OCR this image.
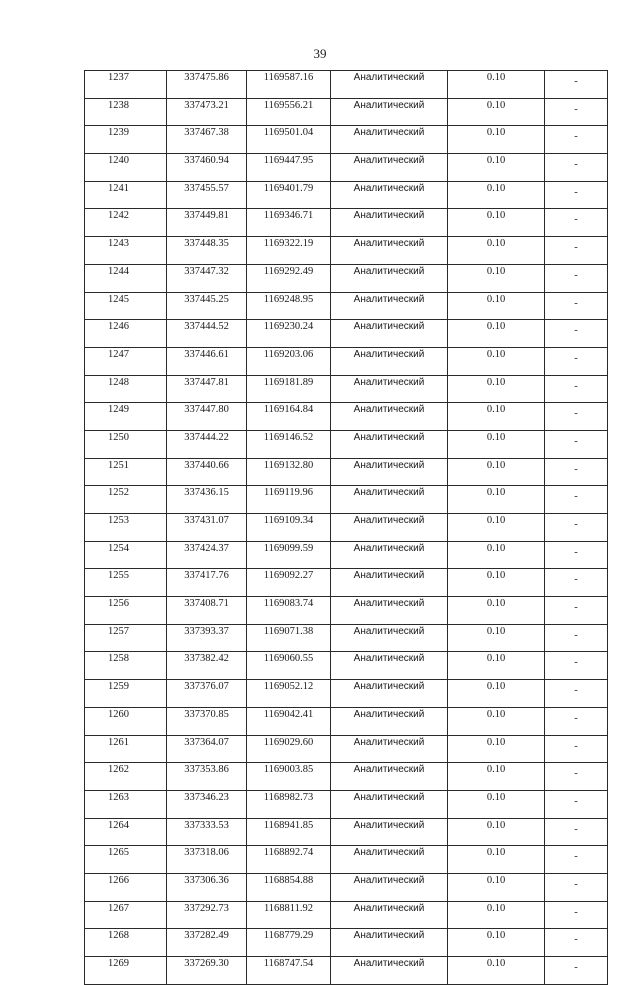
39
1237	337475.86	1169587.16	Аналитический	0.10	-
1238	337473.21	1169556.21	Аналитический	0.10	-
1239	337467.38	1169501.04	Аналитический	0.10	-
1240	337460.94	1169447.95	Аналитический	0.10	-
1241	337455.57	1169401.79	Аналитический	0.10	-
1242	337449.81	1169346.71	Аналитический	0.10	-
1243	337448.35	1169322.19	Аналитический	0.10	-
1244	337447.32	1169292.49	Аналитический	0.10	-
1245	337445.25	1169248.95	Аналитический	0.10	-
1246	337444.52	1169230.24	Аналитический	0.10	-
1247	337446.61	1169203.06	Аналитический	0.10	-
1248	337447.81	1169181.89	Аналитический	0.10	-
1249	337447.80	1169164.84	Аналитический	0.10	-
1250	337444.22	1169146.52	Аналитический	0.10	-
1251	337440.66	1169132.80	Аналитический	0.10	-
1252	337436.15	1169119.96	Аналитический	0.10	-
1253	337431.07	1169109.34	Аналитический	0.10	-
1254	337424.37	1169099.59	Аналитический	0.10	-
1255	337417.76	1169092.27	Аналитический	0.10	-
1256	337408.71	1169083.74	Аналитический	0.10	-
1257	337393.37	1169071.38	Аналитический	0.10	-
1258	337382.42	1169060.55	Аналитический	0.10	-
1259	337376.07	1169052.12	Аналитический	0.10	-
1260	337370.85	1169042.41	Аналитический	0.10	-
1261	337364.07	1169029.60	Аналитический	0.10	-
1262	337353.86	1169003.85	Аналитический	0.10	-
1263	337346.23	1168982.73	Аналитический	0.10	-
1264	337333.53	1168941.85	Аналитический	0.10	-
1265	337318.06	1168892.74	Аналитический	0.10	-
1266	337306.36	1168854.88	Аналитический	0.10	-
1267	337292.73	1168811.92	Аналитический	0.10	-
1268	337282.49	1168779.29	Аналитический	0.10	-
1269	337269.30	1168747.54	Аналитический	0.10	-
